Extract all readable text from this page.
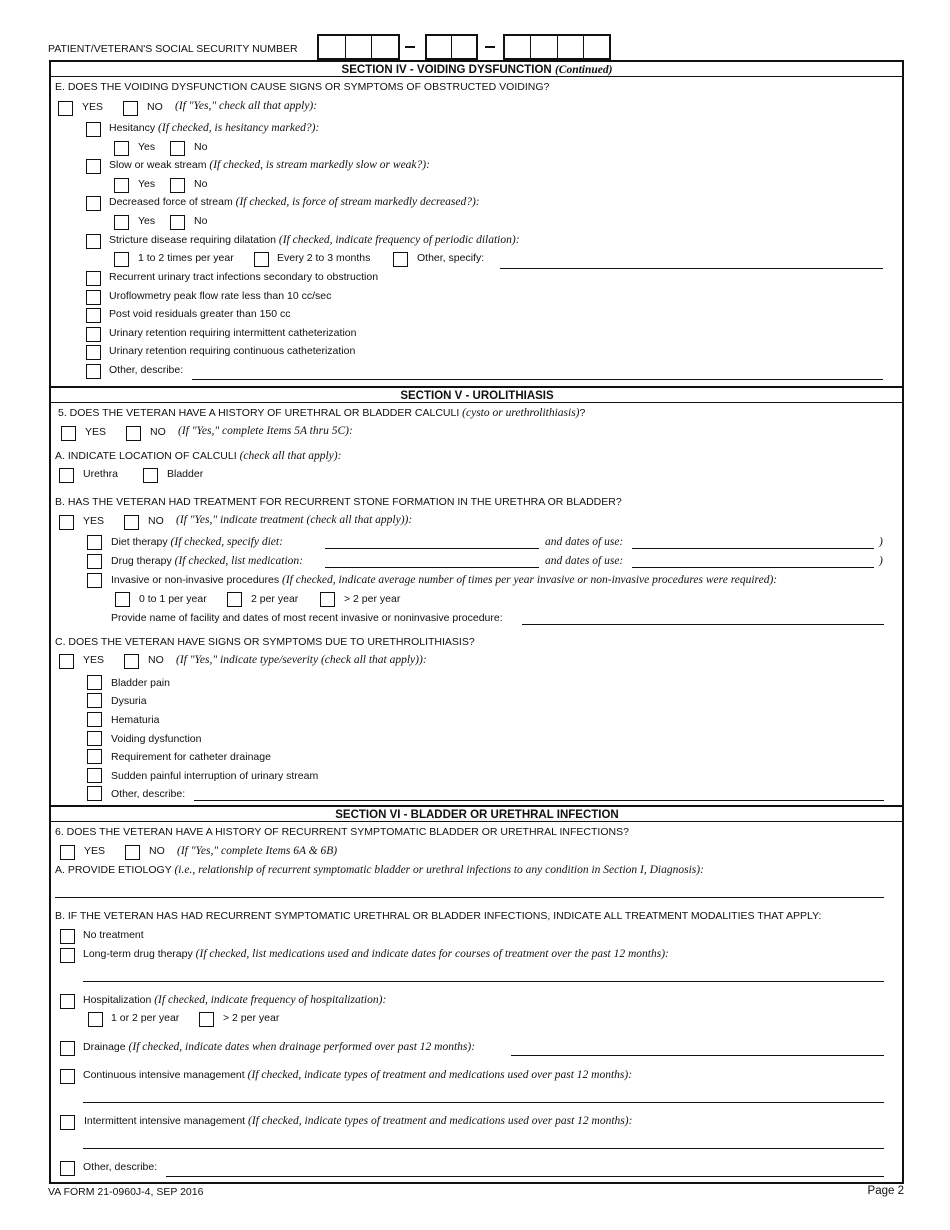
PATIENT/VETERAN'S SOCIAL SECURITY NUMBER
SECTION IV - VOIDING DYSFUNCTION (Continued)
E. DOES THE VOIDING DYSFUNCTION CAUSE SIGNS OR SYMPTOMS OF OBSTRUCTED VOIDING?
YES	NO (If "Yes," check all that apply):
Hesitancy (If checked, is hesitancy marked?):
Yes	No
Slow or weak stream (If checked, is stream markedly slow or weak?):
Yes	No
Decreased force of stream (If checked, is force of stream markedly decreased?):
Yes	No
Stricture disease requiring dilatation (If checked, indicate frequency of periodic dilation):
1 to 2 times per year	Every 2 to 3 months	Other, specify:
Recurrent urinary tract infections secondary to obstruction
Uroflowmetry peak flow rate less than 10 cc/sec
Post void residuals greater than 150 cc
Urinary retention requiring intermittent catheterization
Urinary retention requiring continuous catheterization
Other, describe:
SECTION V - UROLITHIASIS
5. DOES THE VETERAN HAVE A HISTORY OF URETHRAL OR BLADDER CALCULI (cysto or urethrolithiasis)?
YES	NO (If "Yes," complete Items 5A thru 5C):
A. INDICATE LOCATION OF CALCULI (check all that apply):
Urethra	Bladder
B. HAS THE VETERAN HAD TREATMENT FOR RECURRENT STONE FORMATION IN THE URETHRA OR BLADDER?
YES	NO (If "Yes," indicate treatment (check all that apply)):
Diet therapy (If checked, specify diet:	and dates of use:	)
Drug therapy (If checked, list medication:	and dates of use:	)
Invasive or non-invasive procedures (If checked, indicate average number of times per year invasive or non-invasive procedures were required):
0 to 1 per year	2 per year	> 2 per year
Provide name of facility and dates of most recent invasive or noninvasive procedure:
C. DOES THE VETERAN HAVE SIGNS OR SYMPTOMS DUE TO URETHROLITHIASIS?
YES	NO (If "Yes," indicate type/severity (check all that apply)):
Bladder pain
Dysuria
Hematuria
Voiding dysfunction
Requirement for catheter drainage
Sudden painful interruption of urinary stream
Other, describe:
SECTION VI - BLADDER OR URETHRAL INFECTION
6. DOES THE VETERAN HAVE A HISTORY OF RECURRENT SYMPTOMATIC BLADDER OR URETHRAL INFECTIONS?
YES	NO (If "Yes," complete Items 6A & 6B)
A. PROVIDE ETIOLOGY (i.e., relationship of recurrent symptomatic bladder or urethral infections to any condition in Section I, Diagnosis):
B. IF THE VETERAN HAS HAD RECURRENT SYMPTOMATIC URETHRAL OR BLADDER INFECTIONS, INDICATE ALL TREATMENT MODALITIES THAT APPLY:
No treatment
Long-term drug therapy (If checked, list medications used and indicate dates for courses of treatment over the past 12 months):
Hospitalization (If checked, indicate frequency of hospitalization):
1 or 2 per year	> 2 per year
Drainage (If checked, indicate dates when drainage performed over past 12 months):
Continuous intensive management (If checked, indicate types of treatment and medications used over past 12 months):
Intermittent intensive management (If checked, indicate types of treatment and medications used over past 12 months):
Other, describe:
VA FORM 21-0960J-4, SEP 2016	Page 2
